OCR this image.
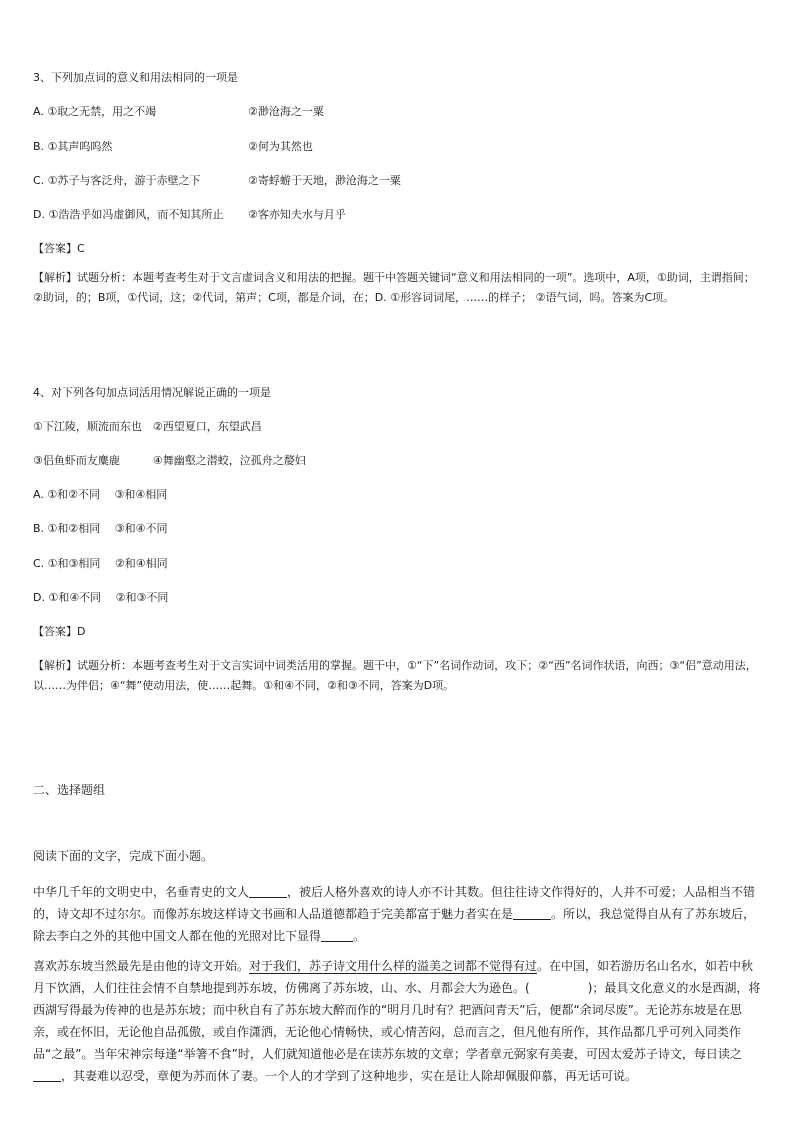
3、下列加点词的意义和用法相同的一项是
A. ①取之无禁，用之不竭	②渺沧海之一粟
B. ①其声呜呜然	②何为其然也
C. ①苏子与客泛舟，游于赤壁之下	②寄蜉蝣于天地，渺沧海之一粟
D. ①浩浩乎如冯虚御风，而不知其所止 ②客亦知夫水与月乎
【答案】C
【解析】试题分析：本题考查考生对于文言虚词含义和用法的把握。题干中答题关键词“意义和用法相同的一项”。选项中，A项，①助词，主谓指间；②助词，的；B项，①代词，这；②代词，第声；C项，都是介词，在；D. ①形容词词尾，……的样子； ②语气词，吗。答案为C项。
4、对下列各句加点词活用情况解说正确的一项是
①下江陵，顺流而东也　②西望夏口，东望武昌
③侣鱼虾而友麋鹿　　　④舞幽壑之潜蛟，泣孤舟之嫠妇
A. ①和②不同　 ③和④相同
B. ①和②相同　 ③和④不同
C. ①和③相同　 ②和④相同
D. ①和④不同　 ②和③不同
【答案】D
【解析】试题分析：本题考查考生对于文言实词中词类活用的掌握。题干中，①“下”名词作动词，攻下；②“西”名词作状语，向西；③“侣”意动用法，以……为伴侣；④“舞”使动用法，使……起舞。①和④不同，②和③不同，答案为D项。
二、选择题组
阅读下面的文字，完成下面小题。
中华几千年的文明史中，名垂青史的文人	，被后人格外喜欢的诗人亦不计其数。但往往诗文作得好的，人并不可爱；人品相当不错的，诗文却不过尔尔。而像苏东坡这样诗文书画和人品道德都趋于完美都富于魅力者实在是	。所以，我总觉得自从有了苏东坡后，除去李白之外的其他中国文人都在他的光照对比下显得	。
喜欢苏东坡当然最先是由他的诗文开始。对于我们，苏子诗文用什么样的溢美之词都不觉得有过。在中国，如若游历名山名水，如若中秋月下饮酒，人们往往会情不自禁地提到苏东坡，仿佛离了苏东坡，山、水、月都会大为逊色。(	)；最具文化意义的水是西湖，将西湖写得最为传神的也是苏东坡；而中秋自有了苏东坡大醉而作的“明月几时有？把酒问青天”后，便都“余词尽废”。无论苏东坡是在思亲，或在怀旧，无论他自品孤傲，或自作潇洒，无论他心情畅快，或心情苦闷，总而言之，但凡他有所作，其作品都几乎可列入同类作品“之最”。当年宋神宗每逢“举箸不食”时，人们就知道他必是在读苏东坡的文章；学者章元弼家有美妻，可因太爱苏子诗文，每日读之，其妻难以忍受，章便为苏而休了妻。一个人的才学到了这种地步，实在是让人除却佩服仰慕，再无话可说。
